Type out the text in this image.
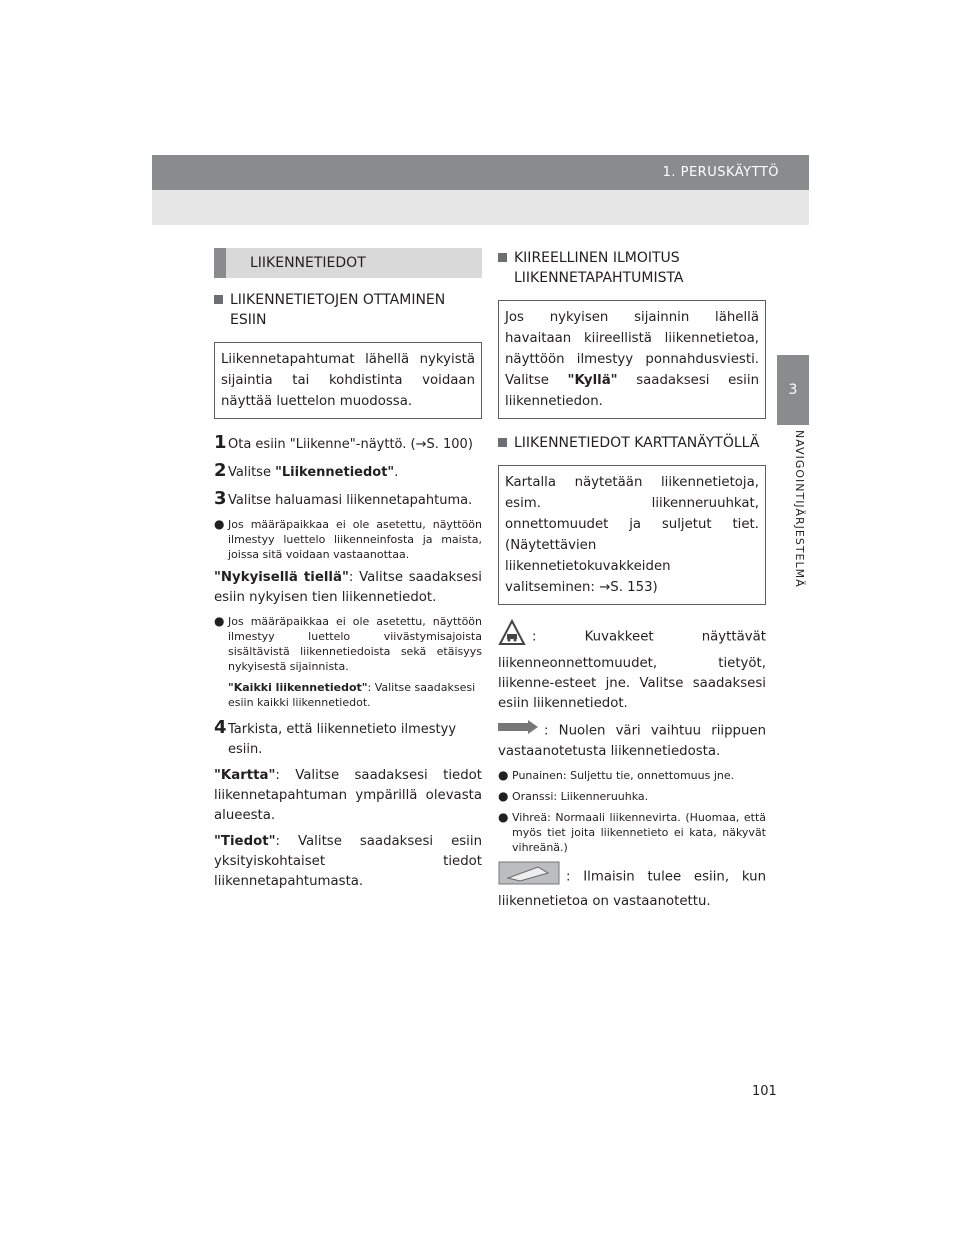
1. PERUSKÄYTTÖ
3
NAVIGOINTIJÄRJESTELMÄ
LIIKENNETIEDOT
LIIKENNETIETOJEN OTTAMINEN ESIIN
Liikennetapahtumat lähellä nykyistä sijaintia tai kohdistinta voidaan näyttää luettelon muodossa.
1 Ota esiin "Liikenne"-näyttö. (→S. 100)
2 Valitse "Liikennetiedot".
3 Valitse haluamasi liikennetapahtuma.
● Jos määräpaikkaa ei ole asetettu, näyttöön ilmestyy luettelo liikenneinfosta ja maista, joissa sitä voidaan vastaanottaa.
"Nykyisellä tiellä": Valitse saadaksesi esiin nykyisen tien liikennetiedot.
● Jos määräpaikkaa ei ole asetettu, näyttöön ilmestyy luettelo viivästymisajoista sisältävistä liikennetiedoista sekä etäisyys nykyisestä sijainnista.
"Kaikki liikennetiedot": Valitse saadaksesi esiin kaikki liikennetiedot.
4 Tarkista, että liikennetieto ilmestyy esiin.
"Kartta": Valitse saadaksesi tiedot liikennetapahtuman ympärillä olevasta alueesta.
"Tiedot": Valitse saadaksesi esiin yksityiskohtaiset tiedot liikennetapahtumasta.
KIIREELLINEN ILMOITUS LIIKENNETAPAHTUMISTA
Jos nykyisen sijainnin lähellä havaitaan kiireellistä liikennetietoa, näyttöön ilmestyy ponnahdusviesti. Valitse "Kyllä" saadaksesi esiin liikennetiedon.
LIIKENNETIEDOT KARTTANÄYTÖLLÄ
Kartalla näytetään liikennetietoja, esim. liikenneruuhkat, onnettomuudet ja suljetut tiet. (Näytettävien liikennetietokuvakkeiden valitseminen: →S. 153)
: Kuvakkeet näyttävät liikenneonnettomuudet, tietyöt, liikenne-esteet jne. Valitse saadaksesi esiin liikennetiedot.
: Nuolen väri vaihtuu riippuen vastaanotetusta liikennetiedosta.
● Punainen: Suljettu tie, onnettomuus jne.
● Oranssi: Liikenneruuhka.
● Vihreä: Normaali liikennevirta. (Huomaa, että myös tiet joita liikennetieto ei kata, näkyvät vihreänä.)
: Ilmaisin tulee esiin, kun liikennetietoa on vastaanotettu.
101
